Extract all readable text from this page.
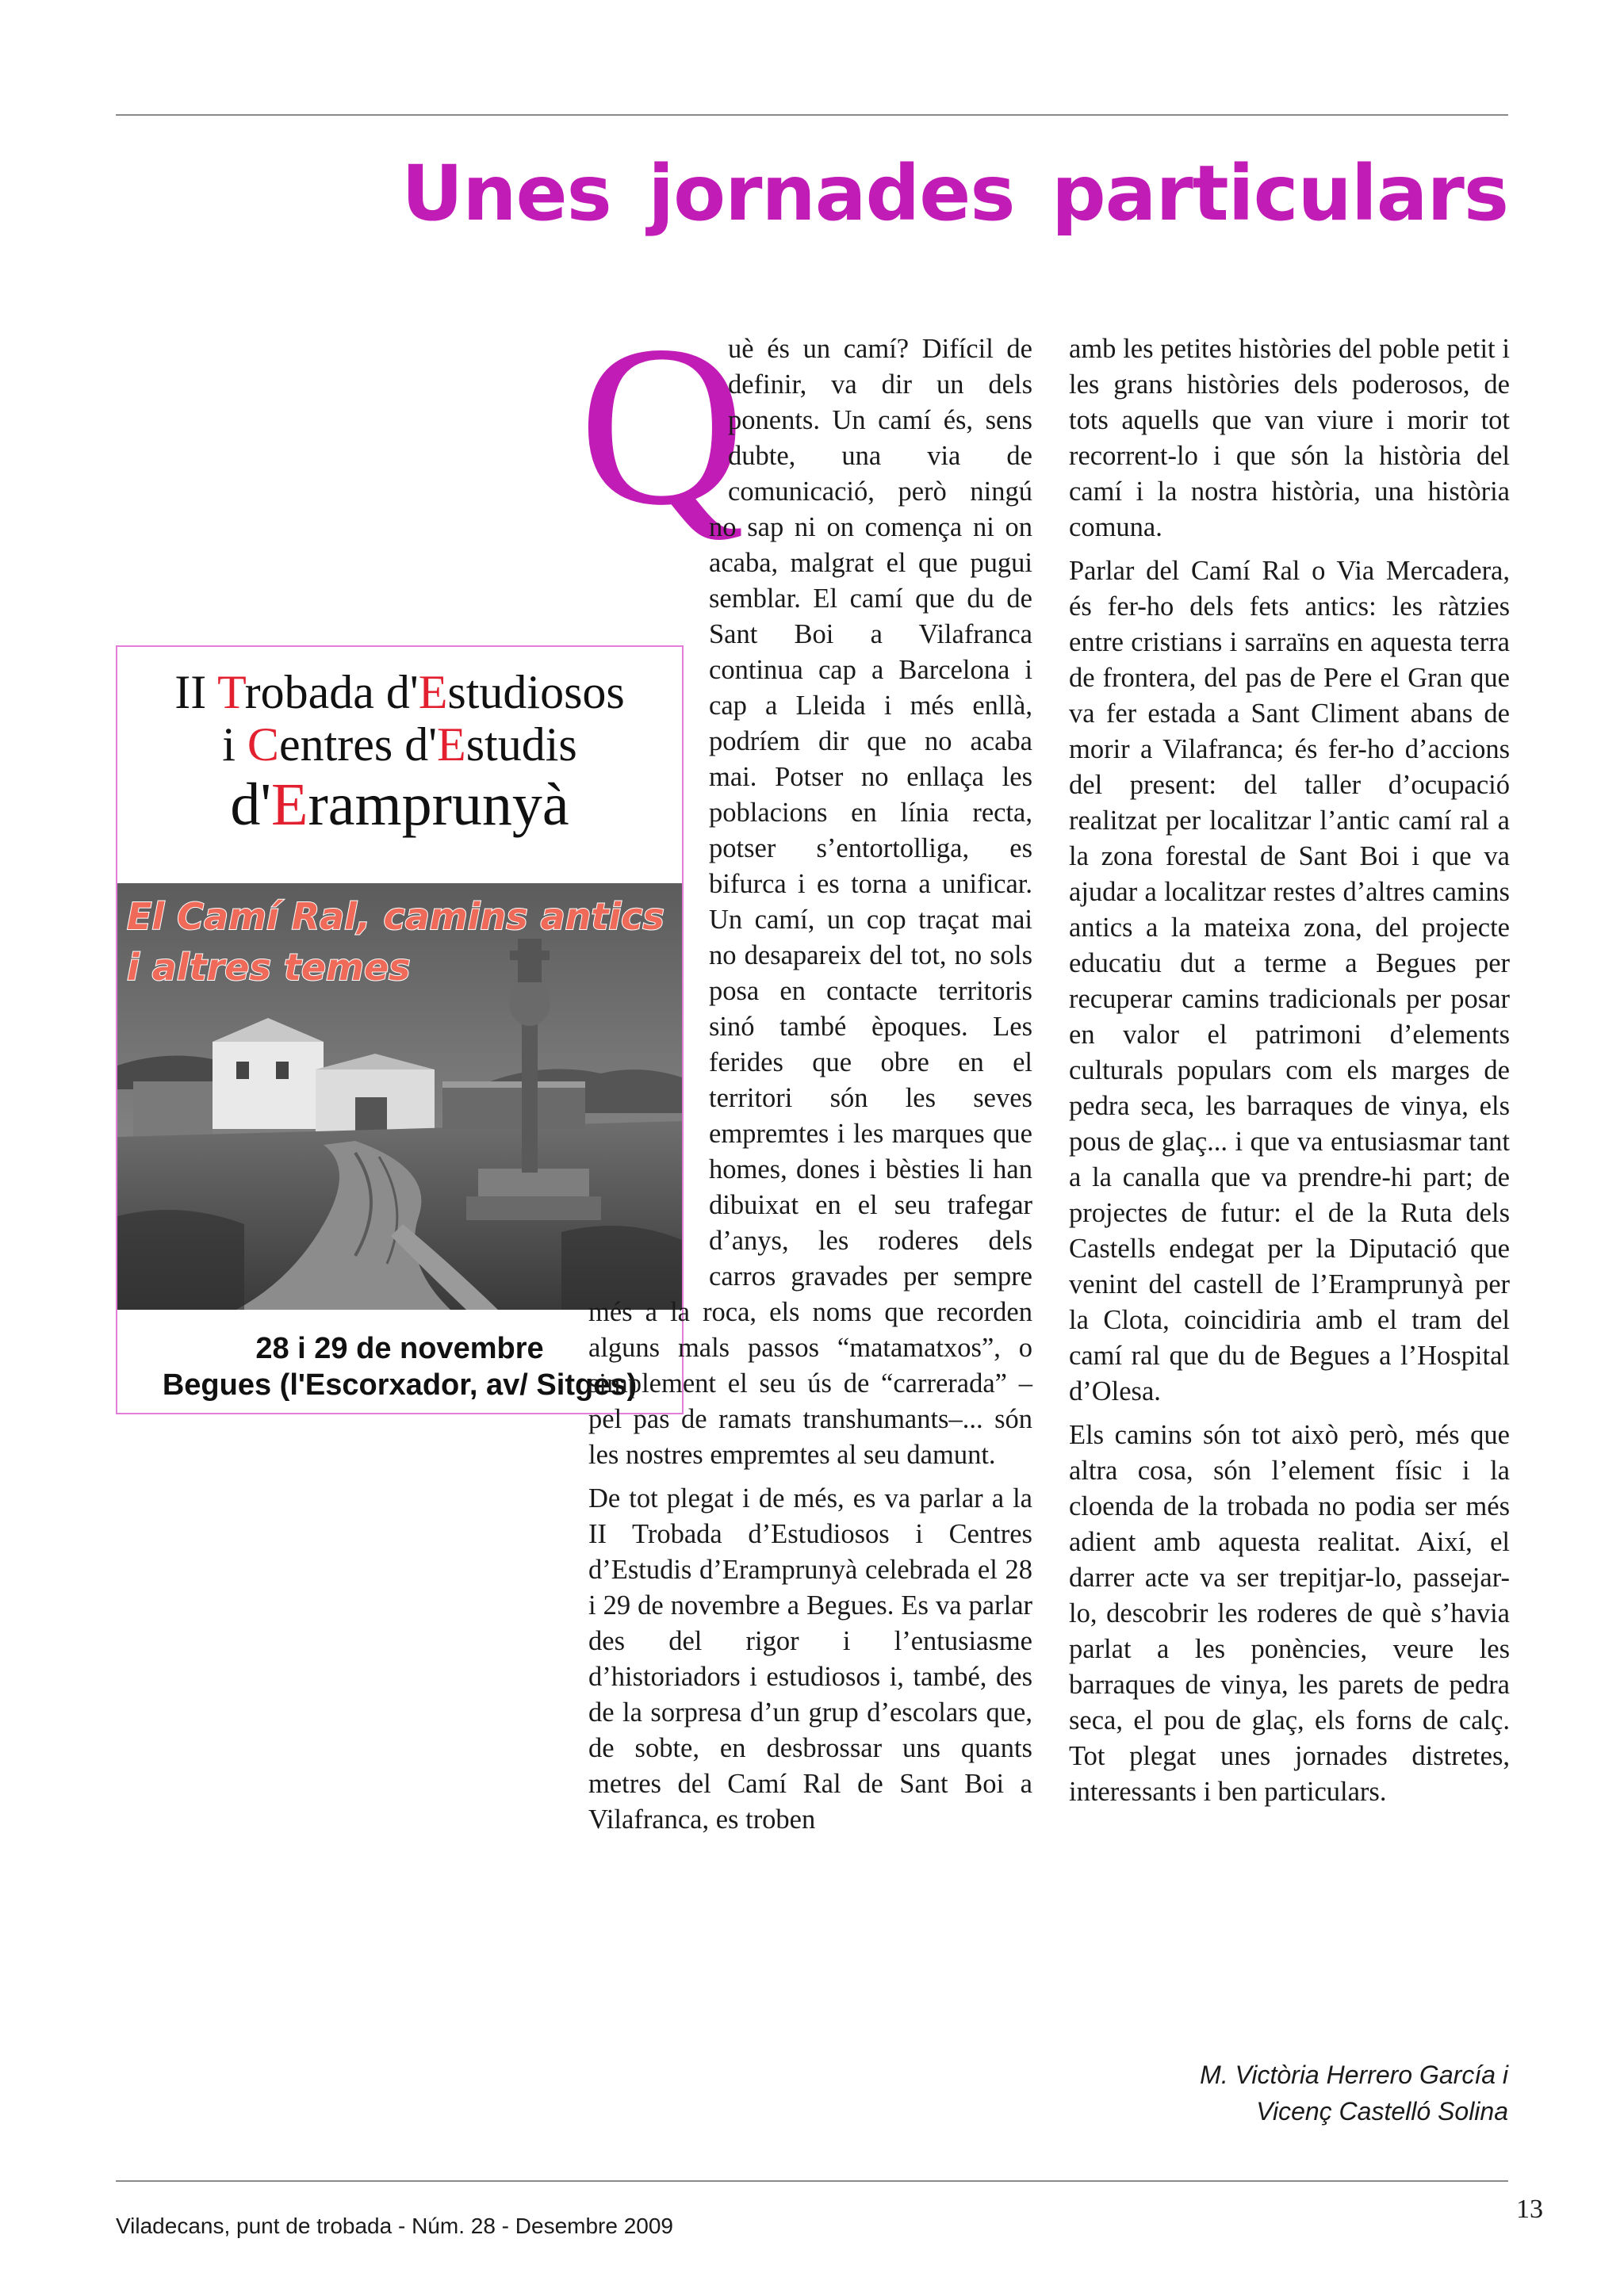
Unes jornades particulars
II Trobada d'Estudiosos
i Centres d'Estudis
d'Eramprunyà
El Camí Ral, camins antics
i altres temes
28 i 29 de novembre
Begues (l'Escorxador, av/ Sitges)
Q

uè és un camí? Difícil de definir, va dir un dels ponents. Un camí és, sens dubte, una via de comunicació, però ningú no sap ni on comença ni on acaba, malgrat el que pugui semblar. El camí que du de Sant Boi a Vilafranca continua cap a Barcelona i cap a Lleida i més enllà, podríem dir que no acaba mai. Potser no enllaça les poblacions en línia recta, potser s’entortolliga, es bifurca i es torna a unificar. Un camí, un cop traçat mai no desapareix del tot, no sols posa en contacte territoris sinó també èpoques. Les ferides que obre en el territori són les seves empremtes i les marques que homes, dones i bèsties li han dibuixat en el seu trafegar d’anys, les roderes dels carros gravades per sempre més a la roca, els noms que recorden alguns mals passos “matamatxos”, o simplement el seu ús de “carrerada” –pel pas de ramats transhumants–... són les nostres empremtes al seu damunt.

De tot plegat i de més, es va parlar a la II Trobada d’Estudiosos i Centres d’Estudis d’Eramprunyà celebrada el 28 i 29 de novembre a Begues. Es va parlar des del rigor i l’entusiasme d’historiadors i estudiosos i, també, des de la sorpresa d’un grup d’escolars que, de sobte, en desbrossar uns quants metres del Camí Ral de Sant Boi a Vilafranca, es troben

amb les petites històries del poble petit i les grans històries dels poderosos, de tots aquells que van viure i morir tot recorrent-lo i que són la història del camí i la nostra història, una història comuna.

Parlar del Camí Ral o Via Mercadera, és fer-ho dels fets antics: les ràtzies entre cristians i sarraïns en aquesta terra de frontera, del pas de Pere el Gran que va fer estada a Sant Climent abans de morir a Vilafranca; és fer-ho d’accions del present: del taller d’ocupació realitzat per localitzar l’antic camí ral a la zona forestal de Sant Boi i que va ajudar a localitzar restes d’altres camins antics a la mateixa zona, del projecte educatiu dut a terme a Begues per recuperar camins tradicionals per posar en valor el patrimoni d’elements culturals populars com els marges de pedra seca, les barraques de vinya, els pous de glaç... i que va entusiasmar tant a la canalla que va prendre-hi part; de projectes de futur: el de la Ruta dels Castells endegat per la Diputació que venint del castell de l’Eramprunyà per la Clota, coincidiria amb el tram del camí ral que du de Begues a l’Hospital d’Olesa.

Els camins són tot això però, més que altra cosa, són l’element físic i la cloenda de la trobada no podia ser més adient amb aquesta realitat. Així, el darrer acte va ser trepitjar-lo, passejar-lo, descobrir les roderes de què s’havia parlat a les ponències, veure les barraques de vinya, les parets de pedra seca, el pou de glaç, els forns de calç. Tot plegat unes jornades distretes, interessants i ben particulars.

M. Victòria Herrero García i
Vicenç Castelló Solina
Viladecans, punt de trobada - Núm. 28 - Desembre 2009
13
